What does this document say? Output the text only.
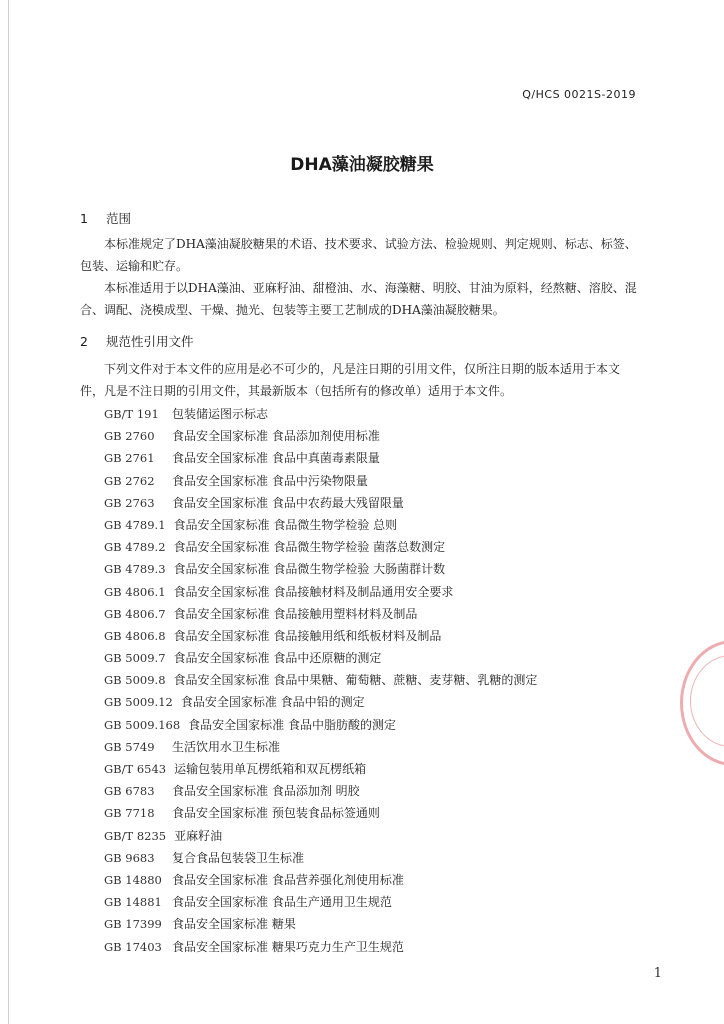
Q/HCS 0021S-2019
DHA藻油凝胶糖果
1 范围
本标准规定了DHA藻油凝胶糖果的术语、技术要求、试验方法、检验规则、判定规则、标志、标签、包装、运输和贮存。
本标准适用于以DHA藻油、亚麻籽油、甜橙油、水、海藻糖、明胶、甘油为原料，经熬糖、溶胶、混合、调配、浇模成型、干燥、抛光、包装等主要工艺制成的DHA藻油凝胶糖果。
2 规范性引用文件
下列文件对于本文件的应用是必不可少的，凡是注日期的引用文件，仅所注日期的版本适用于本文件，凡是不注日期的引用文件，其最新版本（包括所有的修改单）适用于本文件。
GB/T 191 包装储运图示标志
GB 2760 食品安全国家标准 食品添加剂使用标准
GB 2761 食品安全国家标准 食品中真菌毒素限量
GB 2762 食品安全国家标准 食品中污染物限量
GB 2763 食品安全国家标准 食品中农药最大残留限量
GB 4789.1 食品安全国家标准 食品微生物学检验 总则
GB 4789.2 食品安全国家标准 食品微生物学检验 菌落总数测定
GB 4789.3 食品安全国家标准 食品微生物学检验 大肠菌群计数
GB 4806.1 食品安全国家标准 食品接触材料及制品通用安全要求
GB 4806.7 食品安全国家标准 食品接触用塑料材料及制品
GB 4806.8 食品安全国家标准 食品接触用纸和纸板材料及制品
GB 5009.7 食品安全国家标准 食品中还原糖的测定
GB 5009.8 食品安全国家标准 食品中果糖、葡萄糖、蔗糖、麦芽糖、乳糖的测定
GB 5009.12 食品安全国家标准 食品中铅的测定
GB 5009.168 食品安全国家标准 食品中脂肪酸的测定
GB 5749 生活饮用水卫生标准
GB/T 6543 运输包装用单瓦楞纸箱和双瓦楞纸箱
GB 6783 食品安全国家标准 食品添加剂 明胶
GB 7718 食品安全国家标准 预包装食品标签通则
GB/T 8235 亚麻籽油
GB 9683 复合食品包装袋卫生标准
GB 14880 食品安全国家标准 食品营养强化剂使用标准
GB 14881 食品安全国家标准 食品生产通用卫生规范
GB 17399 食品安全国家标准 糖果
GB 17403 食品安全国家标准 糖果巧克力生产卫生规范
1
